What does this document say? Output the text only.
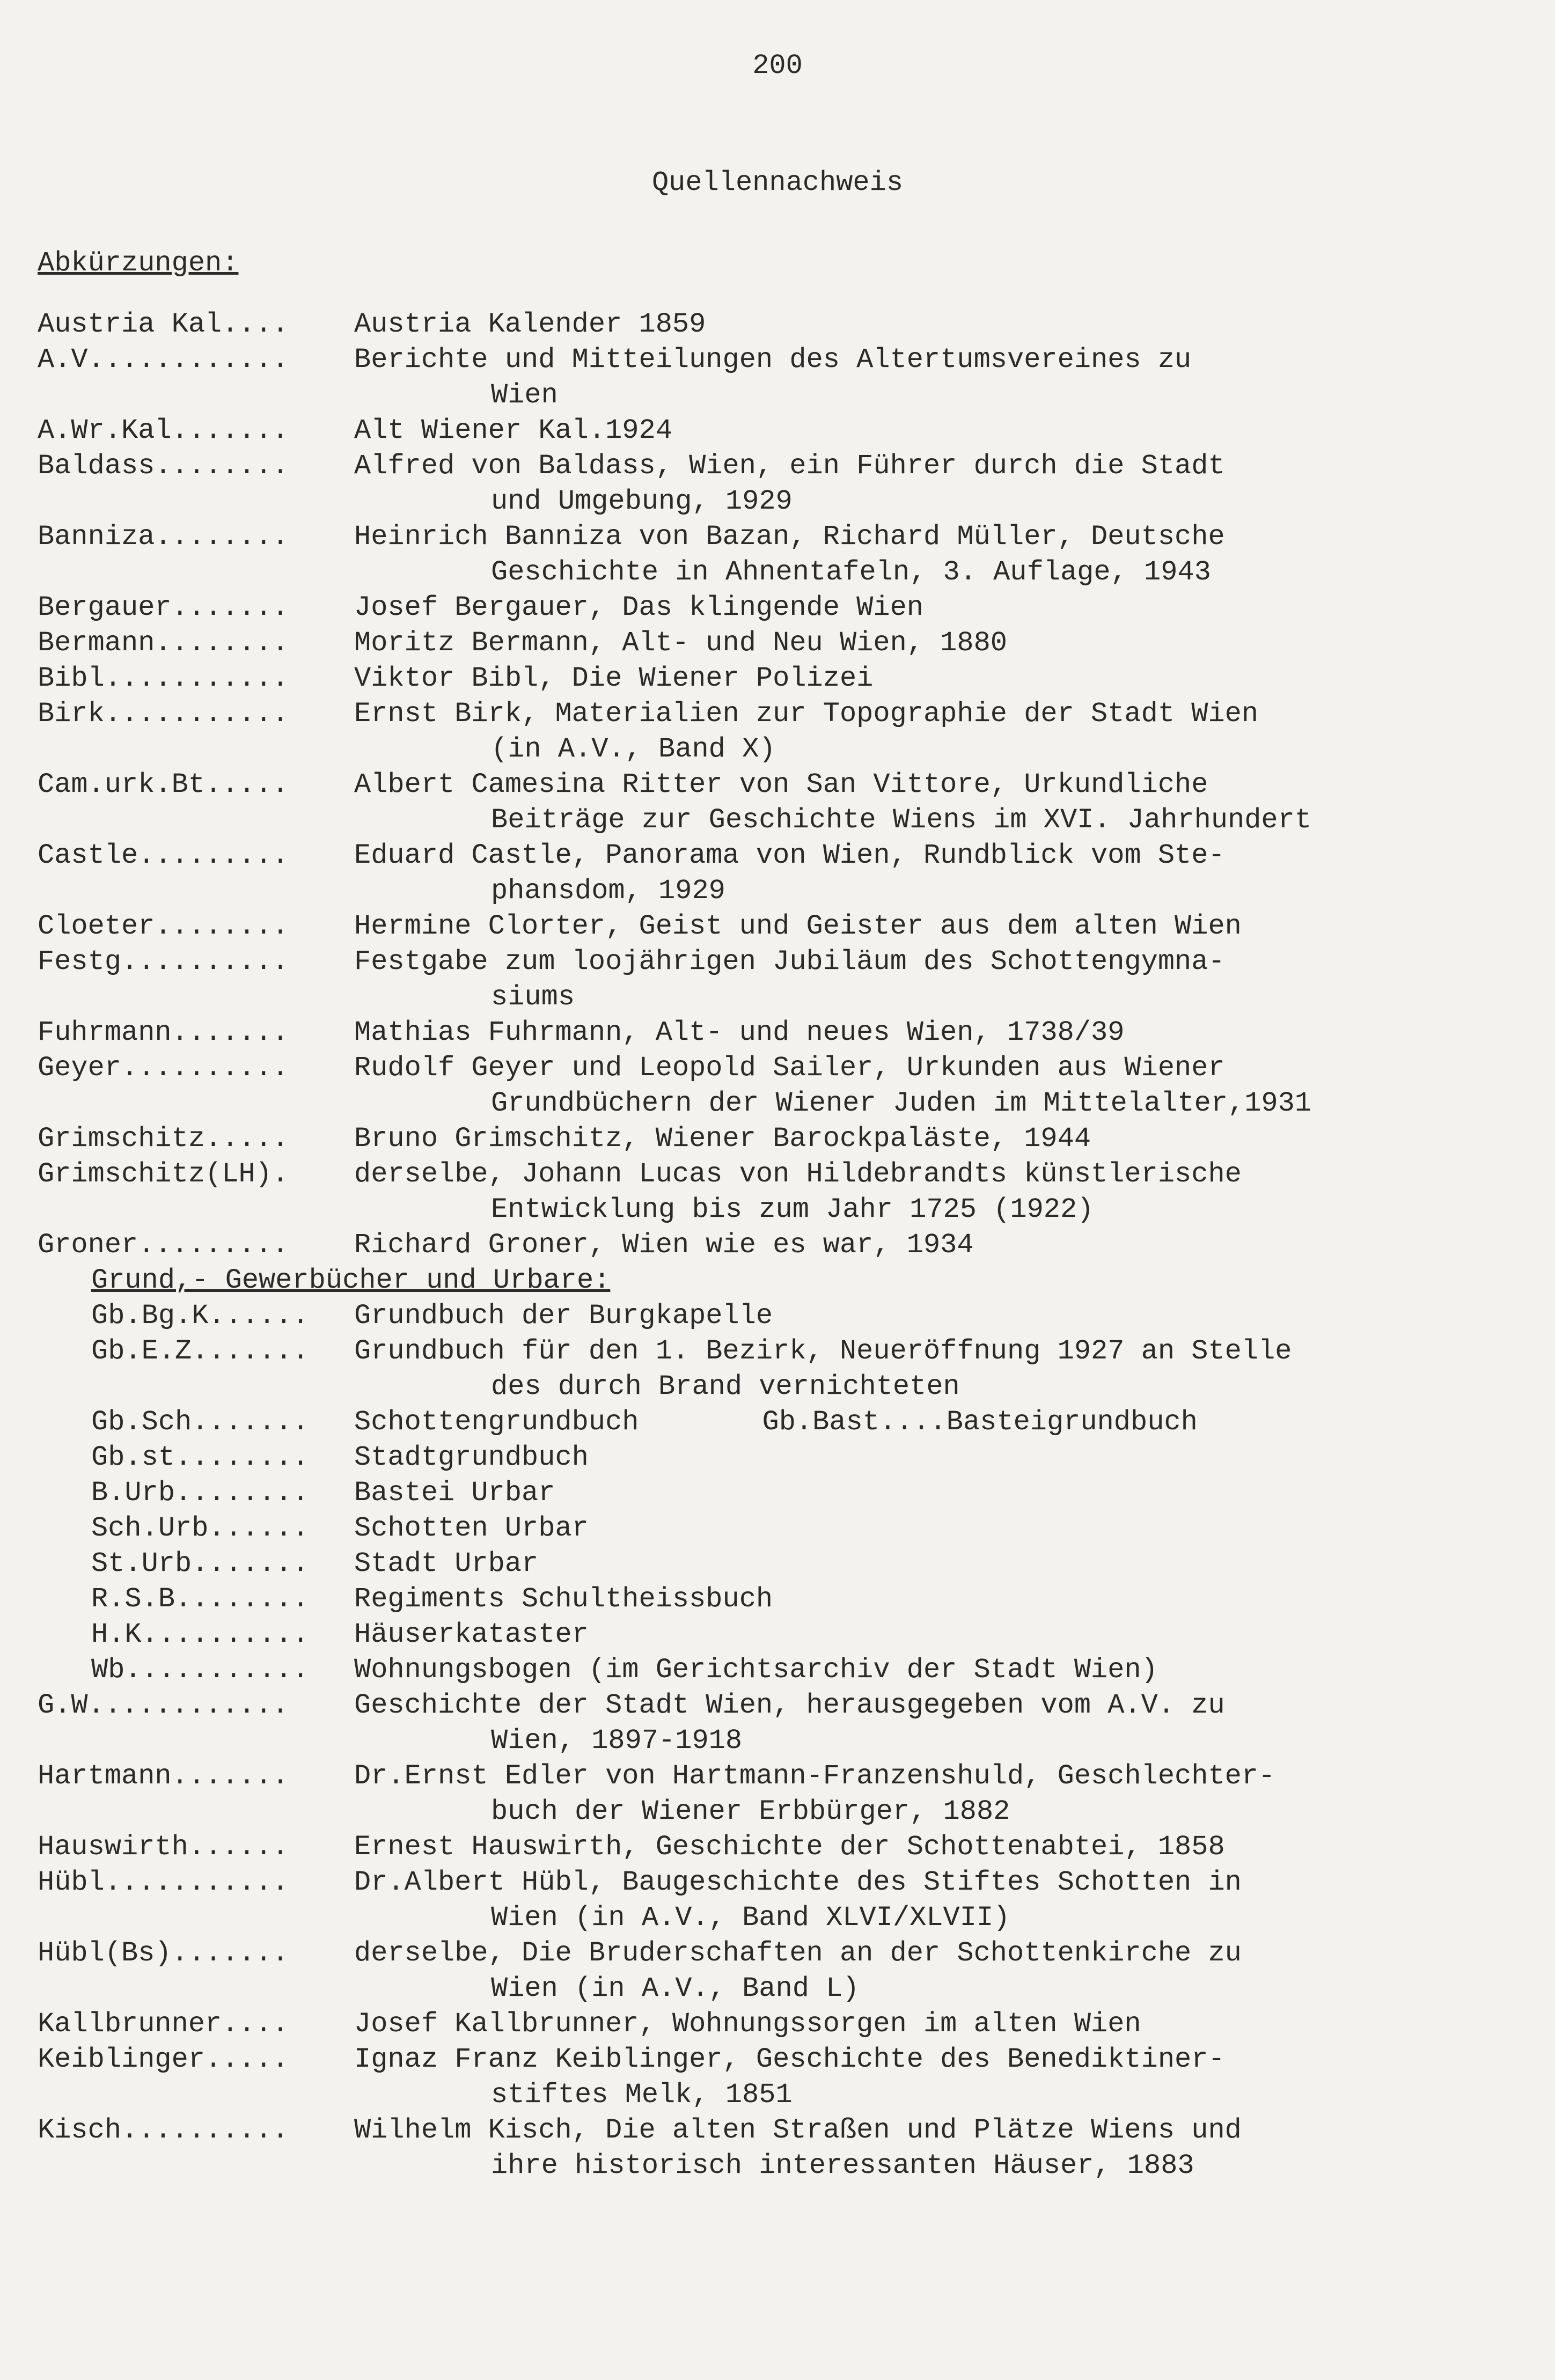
200
Quellennachweis
Abkürzungen:
Austria Kal....	Austria Kalender 1859
A.V............	Berichte und Mitteilungen des Altertumsvereines zu
Wien
A.Wr.Kal.......	Alt Wiener Kal.1924
Baldass........	Alfred von Baldass, Wien, ein Führer durch die Stadt
und Umgebung, 1929
Banniza........	Heinrich Banniza von Bazan, Richard Müller, Deutsche
Geschichte in Ahnentafeln, 3. Auflage, 1943
Bergauer.......	Josef Bergauer, Das klingende Wien
Bermann........	Moritz Bermann, Alt- und Neu Wien, 1880
Bibl...........	Viktor Bibl, Die Wiener Polizei
Birk...........	Ernst Birk, Materialien zur Topographie der Stadt Wien
(in A.V., Band X)
Cam.urk.Bt.....	Albert Camesina Ritter von San Vittore, Urkundliche
Beiträge zur Geschichte Wiens im XVI. Jahrhundert
Castle.........	Eduard Castle, Panorama von Wien, Rundblick vom Ste-
phansdom, 1929
Cloeter........	Hermine Clorter, Geist und Geister aus dem alten Wien
Festg..........	Festgabe zum loojährigen Jubiläum des Schottengymna-
siums
Fuhrmann.......	Mathias Fuhrmann, Alt- und neues Wien, 1738/39
Geyer..........	Rudolf Geyer und Leopold Sailer, Urkunden aus Wiener
Grundbüchern der Wiener Juden im Mittelalter,1931
Grimschitz.....	Bruno Grimschitz, Wiener Barockpaläste, 1944
Grimschitz(LH).	derselbe, Johann Lucas von Hildebrandts künstlerische
Entwicklung bis zum Jahr 1725 (1922)
Groner.........	Richard Groner, Wien wie es war, 1934
Grund,- Gewerbücher und Urbare:
Gb.Bg.K......	Grundbuch der Burgkapelle
Gb.E.Z.......	Grundbuch für den 1. Bezirk, Neueröffnung 1927 an Stelle
des durch Brand vernichteten
Gb.Sch.......	Schottengrundbuch	Gb.Bast....Basteigrundbuch
Gb.st........	Stadtgrundbuch
B.Urb........	Bastei Urbar
Sch.Urb......	Schotten Urbar
St.Urb.......	Stadt Urbar
R.S.B........	Regiments Schultheissbuch
H.K..........	Häuserkataster
Wb...........	Wohnungsbogen (im Gerichtsarchiv der Stadt Wien)
G.W............	Geschichte der Stadt Wien, herausgegeben vom A.V. zu
Wien, 1897-1918
Hartmann.......	Dr.Ernst Edler von Hartmann-Franzenshuld, Geschlechter-
buch der Wiener Erbbürger, 1882
Hauswirth......	Ernest Hauswirth, Geschichte der Schottenabtei, 1858
Hübl...........	Dr.Albert Hübl, Baugeschichte des Stiftes Schotten in
Wien (in A.V., Band XLVI/XLVII)
Hübl(Bs).......	derselbe, Die Bruderschaften an der Schottenkirche zu
Wien (in A.V., Band L)
Kallbrunner....	Josef Kallbrunner, Wohnungssorgen im alten Wien
Keiblinger.....	Ignaz Franz Keiblinger, Geschichte des Benediktiner-
stiftes Melk, 1851
Kisch..........	Wilhelm Kisch, Die alten Straßen und Plätze Wiens und
ihre historisch interessanten Häuser, 1883
